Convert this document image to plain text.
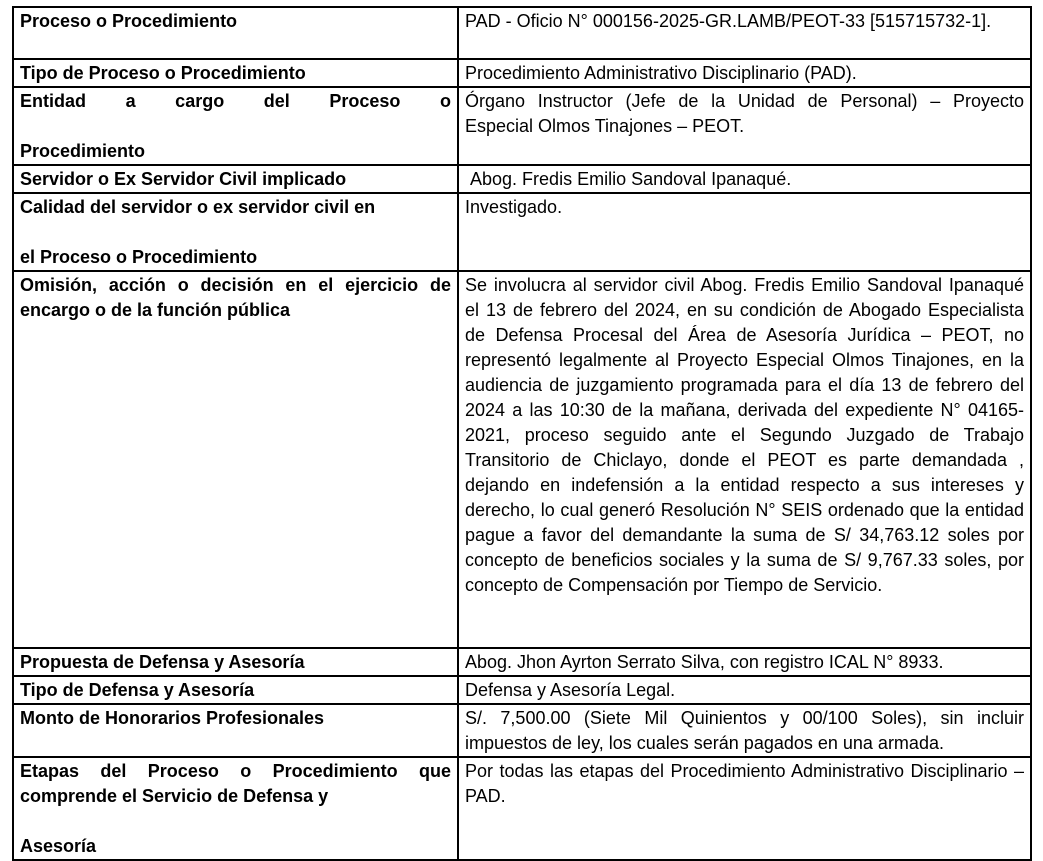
Proceso o Procedimiento	PAD - Oficio N° 000156-2025-GR.LAMB/PEOT-33 [515715732-1].
Tipo de Proceso o Procedimiento	Procedimiento Administrativo Disciplinario (PAD).

Entidad a cargo del Proceso o
Procedimiento	Órgano Instructor (Jefe de la Unidad de Personal) – Proyecto Especial Olmos Tinajones – PEOT.
Servidor o Ex Servidor Civil implicado	Abog. Fredis Emilio Sandoval Ipanaqué.

Calidad del servidor o ex servidor civil en
el Proceso o Procedimiento	Investigado.
Omisión, acción o decisión en el ejercicio de encargo o de la función pública	Se involucra al servidor civil Abog. Fredis Emilio Sandoval Ipanaqué el 13 de febrero del 2024, en su condición de Abogado Especialista de Defensa Procesal del Área de Asesoría Jurídica – PEOT, no representó legalmente al Proyecto Especial Olmos Tinajones, en la audiencia de juzgamiento programada para el día 13 de febrero del 2024 a las 10:30 de la mañana, derivada del expediente N° 04165-2021, proceso seguido ante el Segundo Juzgado de Trabajo Transitorio de Chiclayo, donde el PEOT es parte demandada , dejando en indefensión a la entidad respecto a sus intereses y derecho, lo cual generó Resolución N° SEIS ordenado que la entidad pague a favor del demandante la suma de S/ 34,763.12 soles por concepto de beneficios sociales y la suma de S/ 9,767.33 soles, por concepto de Compensación por Tiempo de Servicio.
Propuesta de Defensa y Asesoría	Abog. Jhon Ayrton Serrato Silva, con registro ICAL N° 8933.
Tipo de Defensa y Asesoría	Defensa y Asesoría Legal.
Monto de Honorarios Profesionales	S/. 7,500.00 (Siete Mil Quinientos y 00/100 Soles), sin incluir impuestos de ley, los cuales serán pagados en una armada.

Etapas del Proceso o Procedimiento que comprende el Servicio de Defensa y
Asesoría	Por todas las etapas del Procedimiento Administrativo Disciplinario – PAD.
